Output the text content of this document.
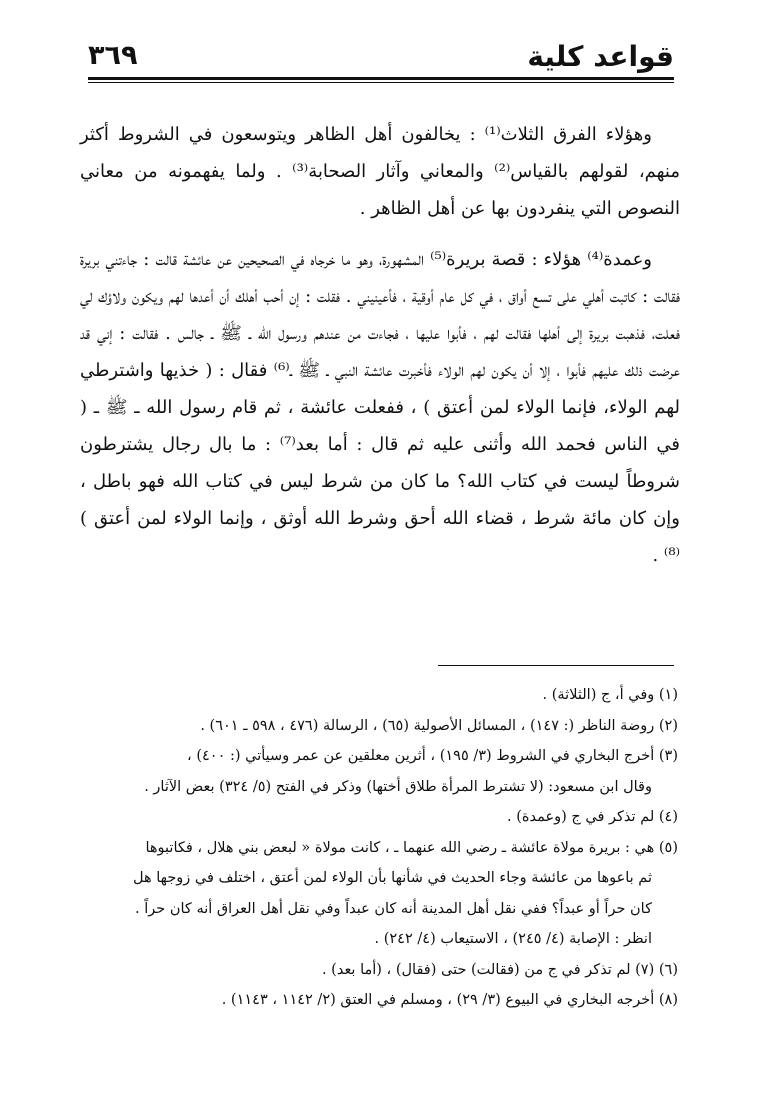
قواعد كلية
٣٦٩

وهؤلاء الفرق الثلاث⁽¹⁾ : يخالفون أهل الظاهر ويتوسعون في الشروط أكثر منهم، لقولهم بالقياس⁽²⁾ والمعاني وآثار الصحابة⁽³⁾ . ولما يفهمونه من معاني النصوص التي ينفردون بها عن أهل الظاهر .

وعمدة⁽⁴⁾ هؤلاء : قصة بريرة⁽⁵⁾ المشهورة، وهو ما خرجاه في الصحيحين عن عائشة قالت : جاءتني بريرة فقالت : كاتبت أهلي على تسع أواق ، في كل عام أوقية ، فأعينيني . فقلت : إن أحب أهلك أن أعدها لهم ويكون ولاؤك لي فعلت، فذهبت بريرة إلى أهلها فقالت لهم ، فأبوا عليها ، فجاءت من عندهم ورسول الله ـ ﷺ ـ جالس . فقالت : إني قد عرضت ذلك عليهم فأبوا ، إلا أن يكون لهم الولاء فأخبرت عائشة النبي ـ ﷺ ـ⁽⁶⁾ فقال : ( خذيها واشترطي لهم الولاء، فإنما الولاء لمن أعتق ) ، ففعلت عائشة ، ثم قام رسول الله ـ ﷺ ـ ( في الناس فحمد الله وأثنى عليه ثم قال : أما بعد⁽⁷⁾ : ما بال رجال يشترطون شروطاً ليست في كتاب الله؟ ما كان من شرط ليس في كتاب الله فهو باطل ، وإن كان مائة شرط ، قضاء الله أحق وشرط الله أوثق ، وإنما الولاء لمن أعتق ) ⁽⁸⁾ .

(١) وفي أ، ج (الثلاثة) .

(٢) روضة الناظر (: ١٤٧) ، المسائل الأصولية (٦٥) ، الرسالة (٤٧٦ ، ٥٩٨ ـ ٦٠١) .

(٣) أخرج البخاري في الشروط (٣/ ١٩٥) ، أثرين معلقين عن عمر وسيأتي (: ٤٠٠) ،

وقال ابن مسعود: (لا تشترط المرأة طلاق أختها) وذكر في الفتح (٥/ ٣٢٤) بعض الآثار .

(٤) لم تذكر في ج (وعمدة) .

(٥) هي : بريرة مولاة عائشة ـ رضي الله عنهما ـ ، كانت مولاة « لبعض بني هلال ، فكاتبوها

ثم باعوها من عائشة وجاء الحديث في شأنها بأن الولاء لمن أعتق ، اختلف في زوجها هل

كان حراً أو عبداً؟ ففي نقل أهل المدينة أنه كان عبداً وفي نقل أهل العراق أنه كان حراً .

انظر : الإصابة (٤/ ٢٤٥) ، الاستيعاب (٤/ ٢٤٢) .

(٦) (٧) لم تذكر في ج من (فقالت) حتى (فقال) ، (أما بعد) .

(٨) أخرجه البخاري في البيوع (٣/ ٢٩) ، ومسلم في العتق (٢/ ١١٤٢ ، ١١٤٣) .
